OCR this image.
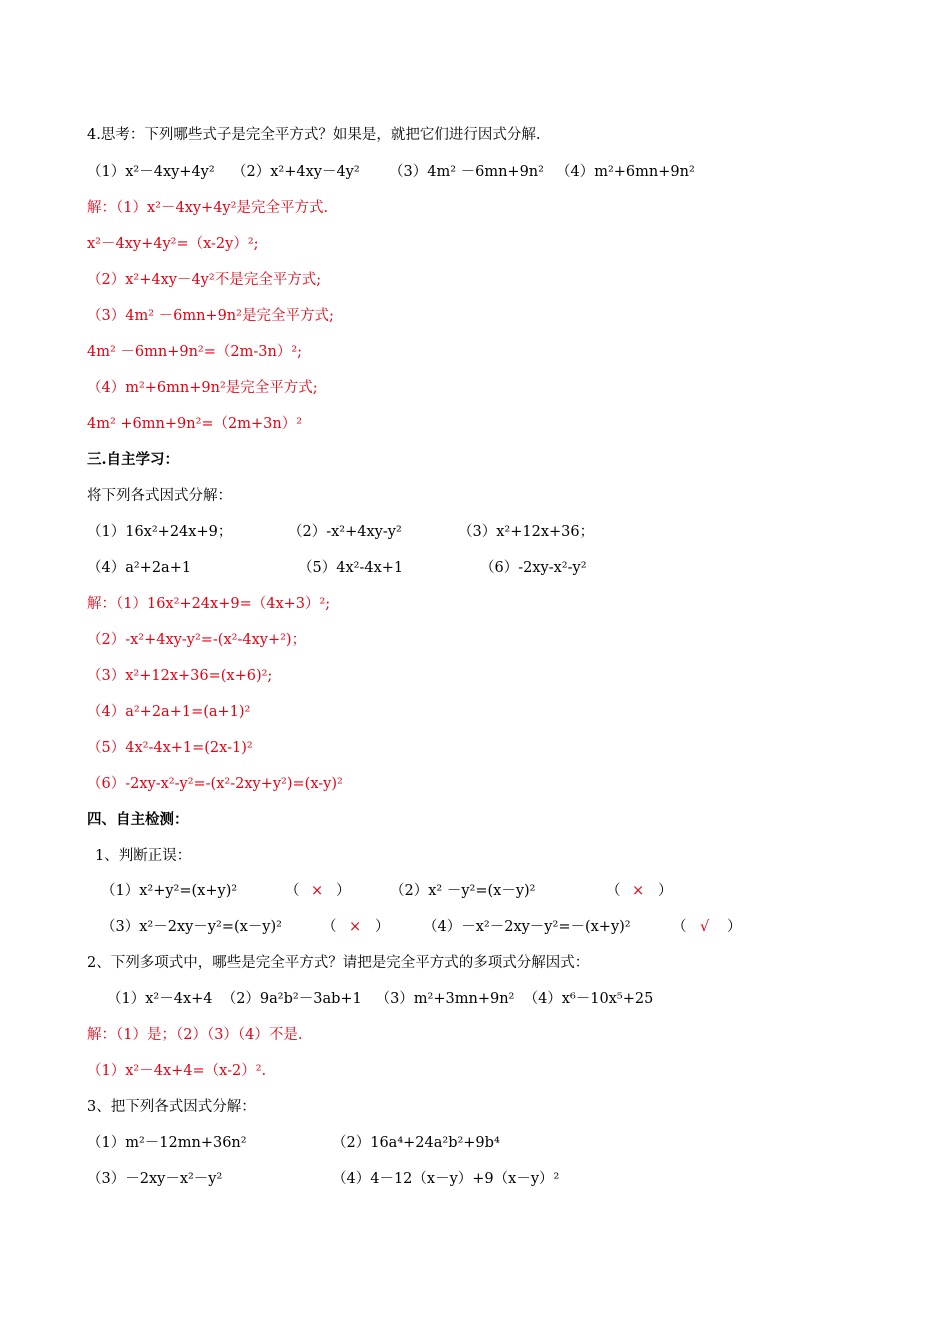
4.思考：下列哪些式子是完全平方式？如果是，就把它们进行因式分解.
（1）x²－4xy+4y² （2）x²+4xy－4y² （3）4m² －6mn+9n² （4）m²+6mn+9n²
解：（1）x²－4xy+4y²是完全平方式.
x²－4xy+4y²=（x-2y）²;
（2）x²+4xy－4y²不是完全平方式;
（3）4m² －6mn+9n²是完全平方式;
4m² －6mn+9n²=（2m-3n）²;
（4）m²+6mn+9n²是完全平方式;
4m² +6mn+9n²=（2m+3n）²
三.自主学习：
将下列各式因式分解：
（1）16x²+24x+9；	（2）-x²+4xy-y²	（3）x²+12x+36；
（4）a²+2a+1	（5）4x²-4x+1	（6）-2xy-x²-y²
解：（1）16x²+24x+9=（4x+3）²;
（2）-x²+4xy-y²=-(x²-4xy+²)；
（3）x²+12x+36=(x+6)²;
（4）a²+2a+1=(a+1)²
（5）4x²-4x+1=(2x-1)²
（6）-2xy-x²-y²=-(x²-2xy+y²)=(x-y)²
四、自主检测：
1、判断正误：
（1）x²+y²=(x+y)²	（ × ）	（2）x² －y²=(x－y)²	（ × ）
（3）x²－2xy－y²=(x－y)²	（ × ） （4）－x²－2xy－y²=－(x+y)²	（ √ ）
2、下列多项式中，哪些是完全平方式？请把是完全平方式的多项式分解因式：
（1）x²－4x+4  （2）9a²b²－3ab+1   （3）m²+3mn+9n²  （4）x⁶－10x⁵+25
解：（1）是；（2）（3）（4）不是.
（1）x²－4x+4=（x-2）².
3、把下列各式因式分解：
（1）m²－12mn+36n²	（2）16a⁴+24a²b²+9b⁴
（3）－2xy－x²－y²	（4）4－12（x－y）+9（x－y）²
